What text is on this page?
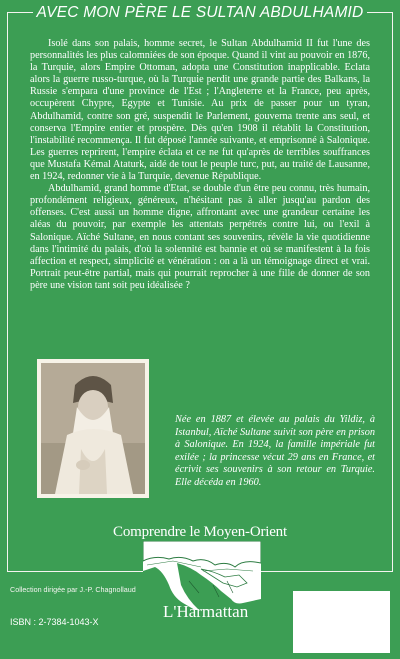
AVEC MON PÈRE LE SULTAN ABDULHAMID

Isolé dans son palais, homme secret, le Sultan Abdulhamid II fut l'une des personnalités les plus calomniées de son époque. Quand il vint au pouvoir en 1876, la Turquie, alors Empire Ottoman, adopta une Constitution inapplicable. Eclata alors la guerre russo-turque, où la Turquie perdit une grande partie des Balkans, la Russie s'empara d'une province de l'Est ; l'Angleterre et la France, peu après, occupèrent Chypre, Egypte et Tunisie. Au prix de passer pour un tyran, Abdulhamid, contre son gré, suspendit le Parlement, gouverna trente ans seul, et conserva l'Empire entier et prospère. Dès qu'en 1908 il rétablit la Constitution, l'instabilité recommença. Il fut déposé l'année suivante, et emprisonné à Salonique. Les guerres reprirent, l'empire éclata et ce ne fut qu'après de terribles souffrances que Mustafa Kémal Ataturk, aidé de tout le peuple turc, put, au traité de Lausanne, en 1924, redonner vie à la Turquie, devenue République.

Abdulhamid, grand homme d'Etat, se double d'un être peu connu, très humain, profondément religieux, généreux, n'hésitant pas à aller jusqu'au pardon des offenses. C'est aussi un homme digne, affrontant avec une grandeur certaine les aléas du pouvoir, par exemple les attentats perpétrés contre lui, ou l'exil à Salonique. Aïché Sultane, en nous contant ses souvenirs, révèle la vie quotidienne dans l'intimité du palais, d'où la solennité est bannie et où se manifestent à la fois affection et respect, simplicité et vénération : on a là un témoignage direct et vrai. Portrait peut-être partial, mais qui pourrait reprocher à une fille de donner de son père une vision tant soit peu idéalisée ?

Née en 1887 et élevée au palais du Yildiz, à Istanbul, Aïché Sultane suivit son père en prison à Salonique. En 1924, la famille impériale fut exilée ; la princesse vécut 29 ans en France, et écrivit ses souvenirs à son retour en Turquie. Elle décéda en 1960.
Comprendre le Moyen-Orient
Collection dirigée par J.-P. Chagnollaud
ISBN : 2-7384-1043-X
L'Harmattan
